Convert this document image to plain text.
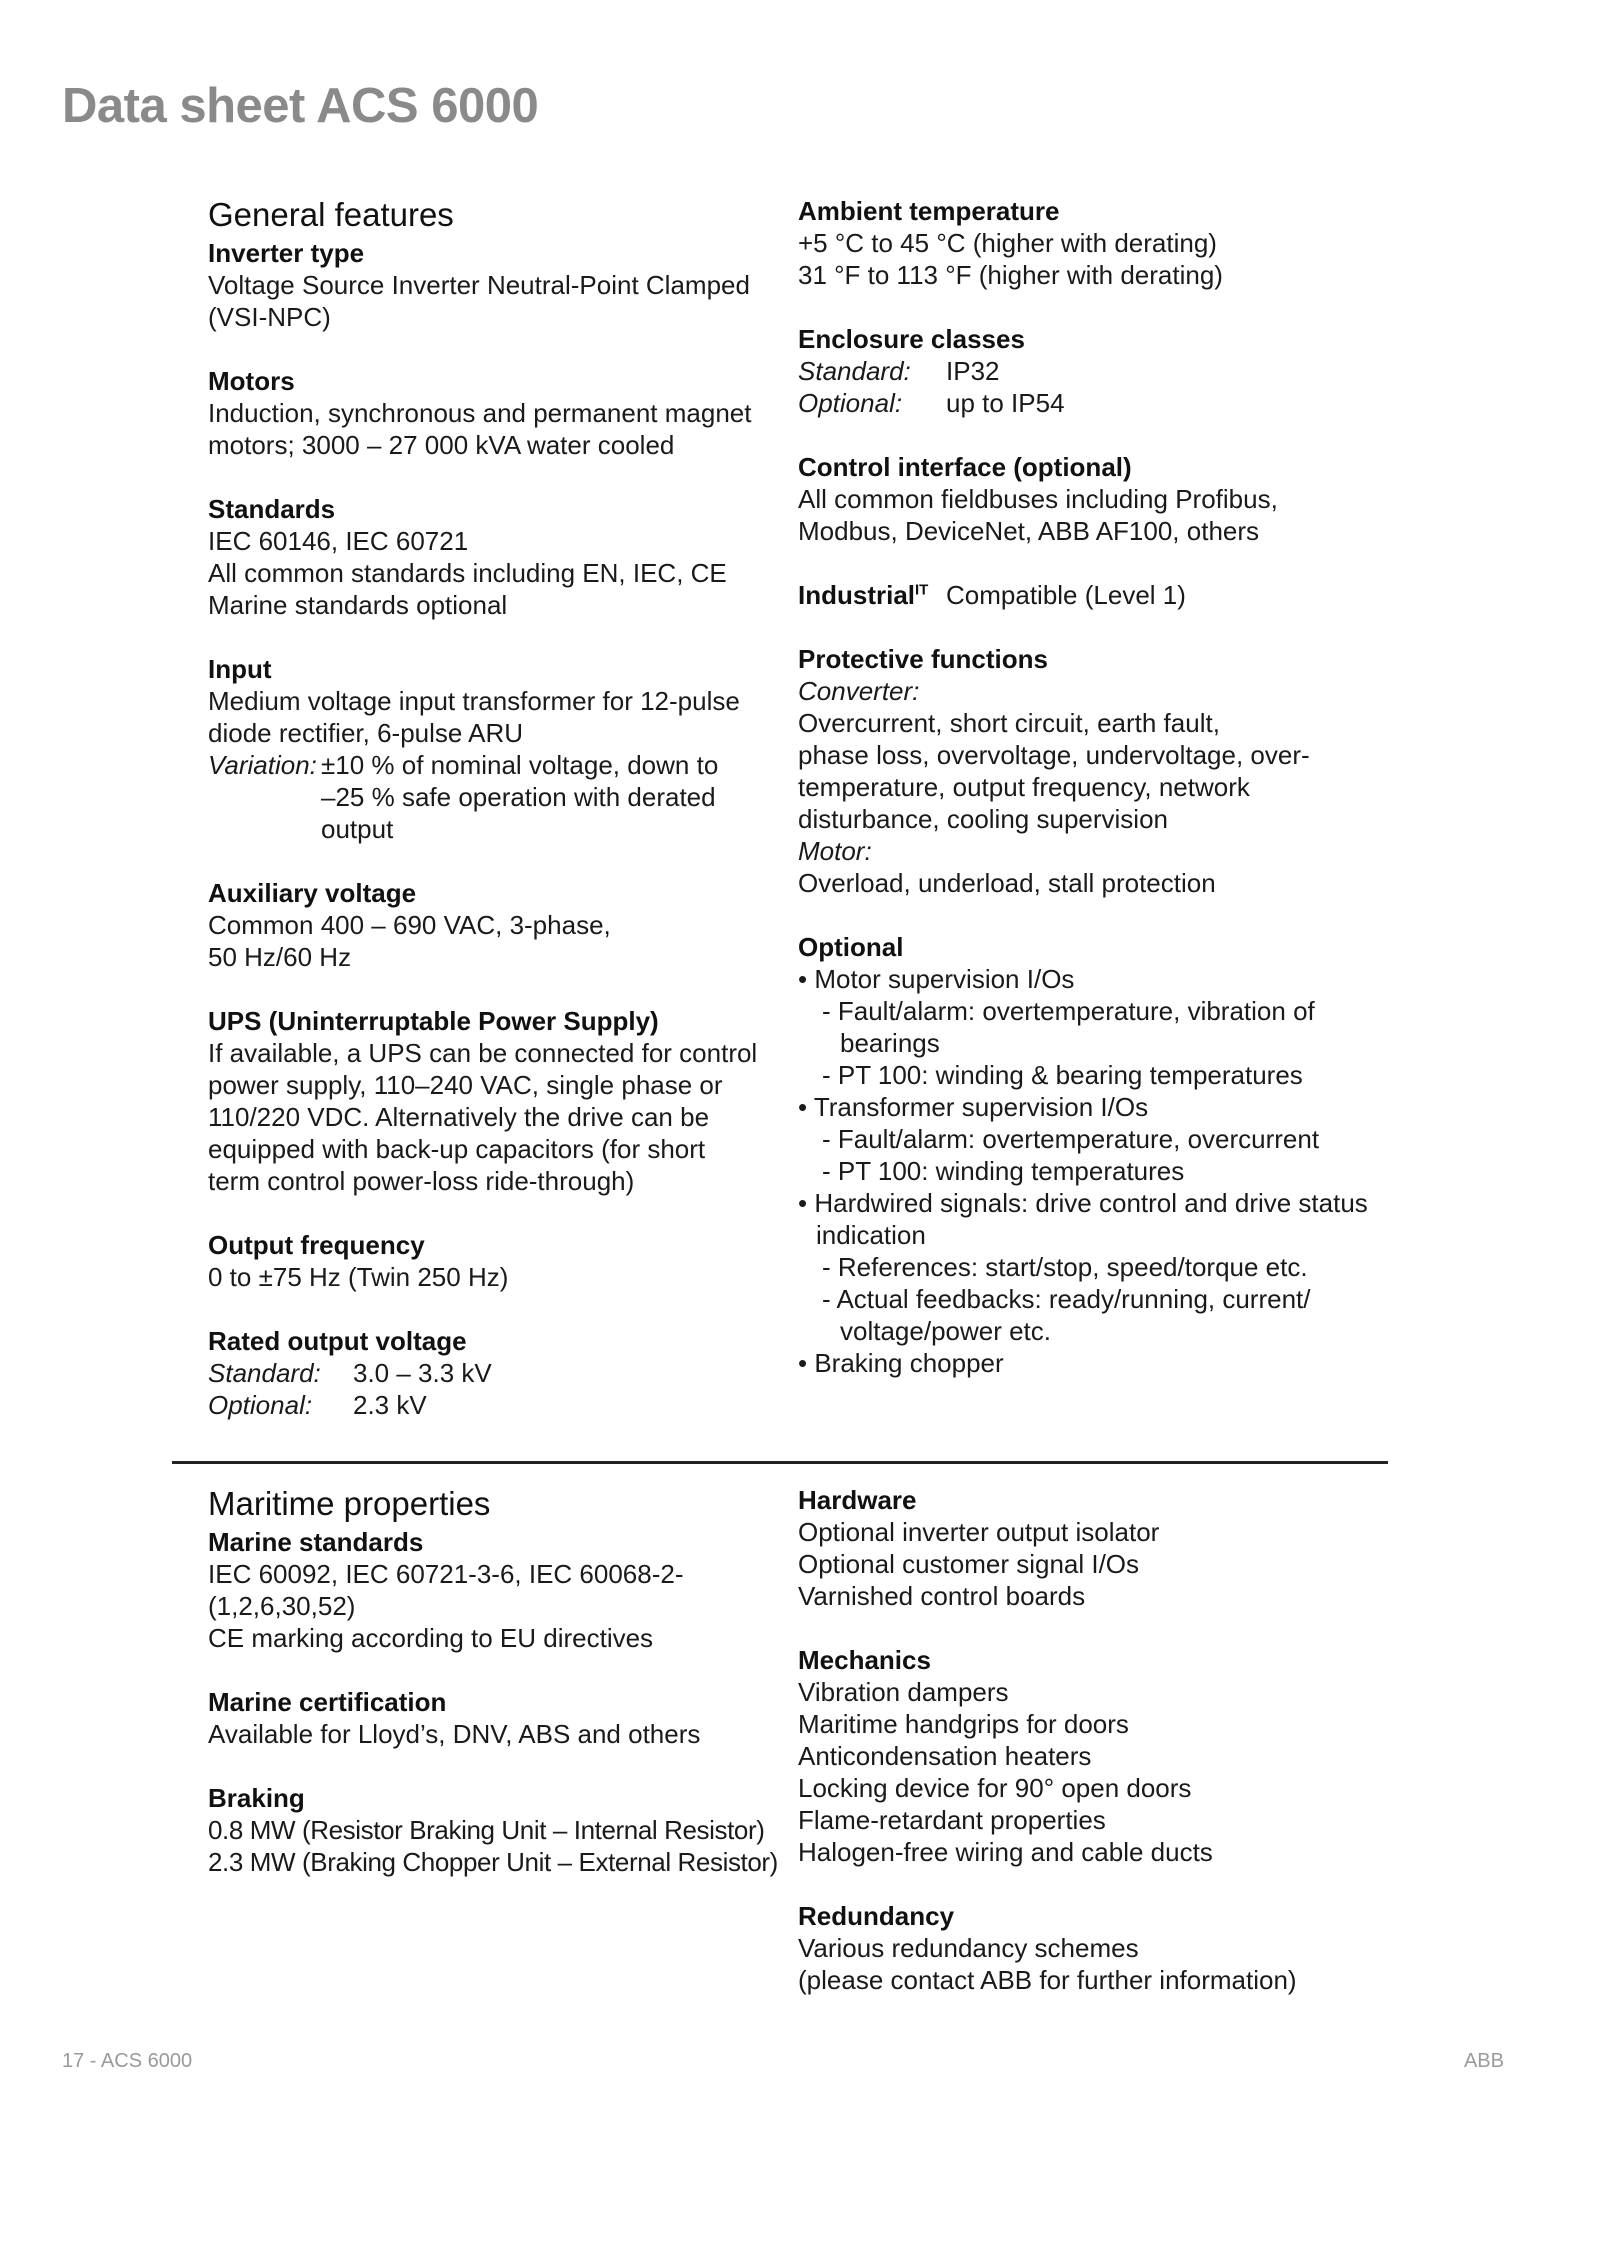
Data sheet ACS 6000
General features
Inverter type
Voltage Source Inverter Neutral-Point Clamped
(VSI-NPC)
Motors
Induction, synchronous and permanent magnet
motors; 3000 – 27 000 kVA water cooled
Standards
IEC 60146, IEC 60721
All common standards including EN, IEC, CE
Marine standards optional
Input
Medium voltage input transformer for 12-pulse
diode rectifier, 6-pulse ARU
Variation: ±10 % of nominal voltage, down to
–25 % safe operation with derated
output
Auxiliary voltage
Common 400 – 690 VAC, 3-phase,
50 Hz/60 Hz
UPS (Uninterruptable Power Supply)
If available, a UPS can be connected for control
power supply, 110–240 VAC, single phase or
110/220 VDC. Alternatively the drive can be
equipped with back-up capacitors (for short
term control power-loss ride-through)
Output frequency
0 to ±75 Hz (Twin 250 Hz)
Rated output voltage
Standard:	3.0 – 3.3 kV
Optional:	2.3 kV
Ambient temperature
+5 °C to 45 °C (higher with derating)
31 °F to 113 °F (higher with derating)
Enclosure classes
Standard:	IP32
Optional:	up to IP54
Control interface (optional)
All common fieldbuses including Profibus,
Modbus, DeviceNet, ABB AF100, others
Industrial$^{IT}$ Compatible (Level 1)
Protective functions
Converter:
Overcurrent, short circuit, earth fault,
phase loss, overvoltage, undervoltage, over-
temperature, output frequency, network
disturbance, cooling supervision
Motor:
Overload, underload, stall protection
Optional
• Motor supervision I/Os
- Fault/alarm: overtemperature, vibration of bearings
- PT 100: winding & bearing temperatures
• Transformer supervision I/Os
- Fault/alarm: overtemperature, overcurrent
- PT 100: winding temperatures
• Hardwired signals: drive control and drive status indication
- References: start/stop, speed/torque etc.
- Actual feedbacks: ready/running, current/ voltage/power etc.
• Braking chopper
Maritime properties
Marine standards
IEC 60092, IEC 60721-3-6, IEC 60068-2-
(1,2,6,30,52)
CE marking according to EU directives
Marine certification
Available for Lloyd’s, DNV, ABS and others
Braking
0.8 MW (Resistor Braking Unit – Internal Resistor)
2.3 MW (Braking Chopper Unit – External Resistor)
Hardware
Optional inverter output isolator
Optional customer signal I/Os
Varnished control boards
Mechanics
Vibration dampers
Maritime handgrips for doors
Anticondensation heaters
Locking device for 90° open doors
Flame-retardant properties
Halogen-free wiring and cable ducts
Redundancy
Various redundancy schemes
(please contact ABB for further information)
17 - ACS 6000	ABB
